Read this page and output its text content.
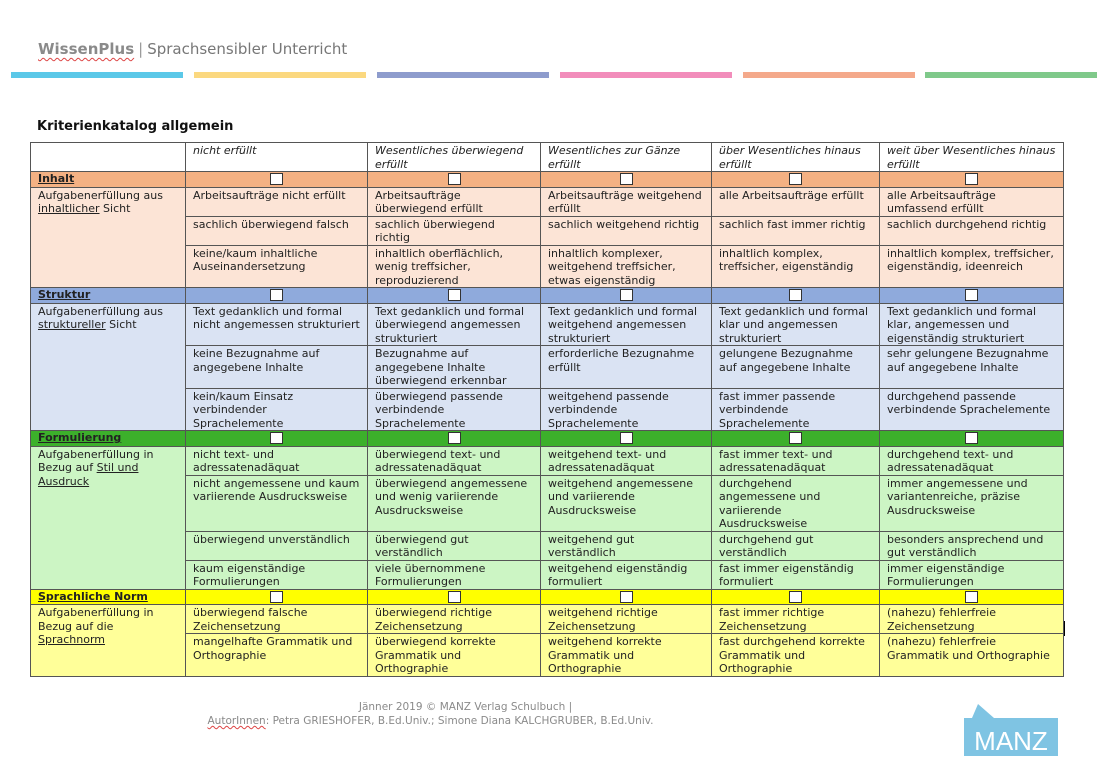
WissenPlus | Sprachsensibler Unterricht
Kriterienkatalog allgemein
	nicht erfüllt	Wesentliches überwiegend erfüllt	Wesentliches zur Gänze erfüllt	über Wesentliches hinaus erfüllt	weit über Wesentliches hinaus erfüllt
Inhalt					
Aufgabenerfüllung aus inhaltlicher Sicht	Arbeitsaufträge nicht erfüllt	Arbeitsaufträge überwiegend erfüllt	Arbeitsaufträge weitgehend erfüllt	alle Arbeitsaufträge erfüllt	alle Arbeitsaufträge umfassend erfüllt
	sachlich überwiegend falsch	sachlich überwiegend richtig	sachlich weitgehend richtig	sachlich fast immer richtig	sachlich durchgehend richtig
	keine/kaum inhaltliche Auseinandersetzung	inhaltlich oberflächlich, wenig treffsicher, reproduzierend	inhaltlich komplexer, weitgehend treffsicher, etwas eigenständig	inhaltlich komplex, treffsicher, eigenständig	inhaltlich komplex, treffsicher, eigenständig, ideenreich
Struktur					
Aufgabenerfüllung aus struktureller Sicht	Text gedanklich und formal nicht angemessen strukturiert	Text gedanklich und formal überwiegend angemessen strukturiert	Text gedanklich und formal weitgehend angemessen strukturiert	Text gedanklich und formal klar und angemessen strukturiert	Text gedanklich und formal klar, angemessen und eigenständig strukturiert
	keine Bezugnahme auf angegebene Inhalte	Bezugnahme auf angegebene Inhalte überwiegend erkennbar	erforderliche Bezugnahme erfüllt	gelungene Bezugnahme auf angegebene Inhalte	sehr gelungene Bezugnahme auf angegebene Inhalte
	kein/kaum Einsatz verbindender Sprachelemente	überwiegend passende verbindende Sprachelemente	weitgehend passende verbindende Sprachelemente	fast immer passende verbindende Sprachelemente	durchgehend passende verbindende Sprachelemente
Formulierung					
Aufgabenerfüllung in Bezug auf Stil und Ausdruck	nicht text- und adressatenadäquat	überwiegend text- und adressatenadäquat	weitgehend text- und adressatenadäquat	fast immer text- und adressatenadäquat	durchgehend text- und adressatenadäquat
	nicht angemessene und kaum variierende Ausdrucksweise	überwiegend angemessene und wenig variierende Ausdrucksweise	weitgehend angemessene und variierende Ausdrucksweise	durchgehend angemessene und variierende Ausdrucksweise	immer angemessene und variantenreiche, präzise Ausdrucksweise
	überwiegend unverständlich	überwiegend gut verständlich	weitgehend gut verständlich	durchgehend gut verständlich	besonders ansprechend und gut verständlich
	kaum eigenständige Formulierungen	viele übernommene Formulierungen	weitgehend eigenständig formuliert	fast immer eigenständig formuliert	immer eigenständige Formulierungen
Sprachliche Norm					
Aufgabenerfüllung in Bezug auf die Sprachnorm	überwiegend falsche Zeichensetzung	überwiegend richtige Zeichensetzung	weitgehend richtige Zeichensetzung	fast immer richtige Zeichensetzung	(nahezu) fehlerfreie Zeichensetzung
	mangelhafte Grammatik und Orthographie	überwiegend korrekte Grammatik und Orthographie	weitgehend korrekte Grammatik und Orthographie	fast durchgehend korrekte Grammatik und Orthographie	(nahezu) fehlerfreie Grammatik und Orthographie
Jänner 2019 © MANZ Verlag Schulbuch |
AutorInnen: Petra GRIESHOFER, B.Ed.Univ.; Simone Diana KALCHGRUBER, B.Ed.Univ.
MANZ
